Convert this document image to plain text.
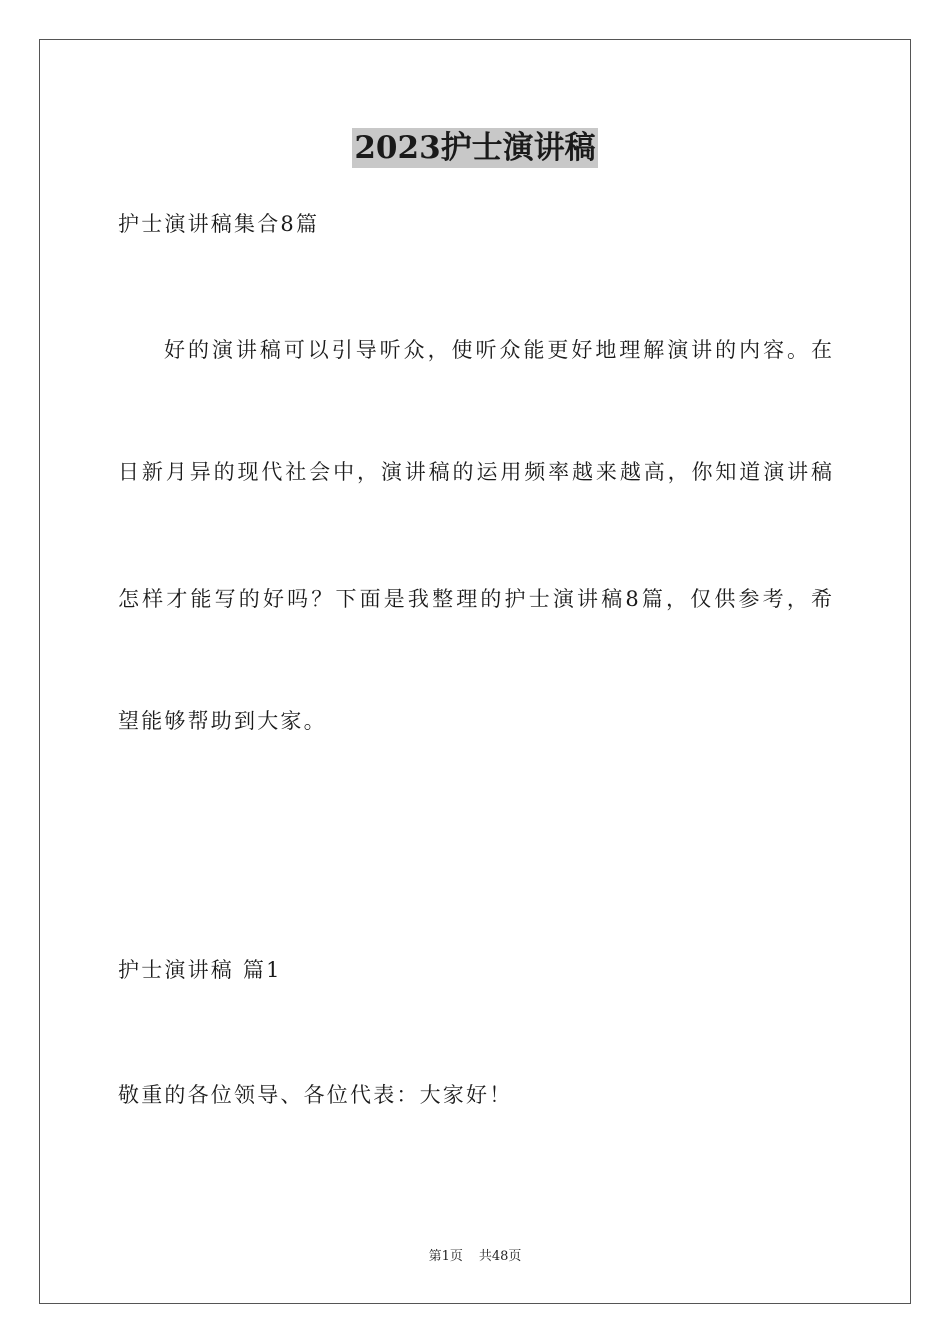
2023护士演讲稿
护士演讲稿集合8篇
好的演讲稿可以引导听众，使听众能更好地理解演讲的内容。在
日新月异的现代社会中，演讲稿的运用频率越来越高，你知道演讲稿
怎样才能写的好吗？下面是我整理的护士演讲稿8篇，仅供参考，希
望能够帮助到大家。
护士演讲稿 篇1
敬重的各位领导、各位代表：大家好！
第1页 共48页
